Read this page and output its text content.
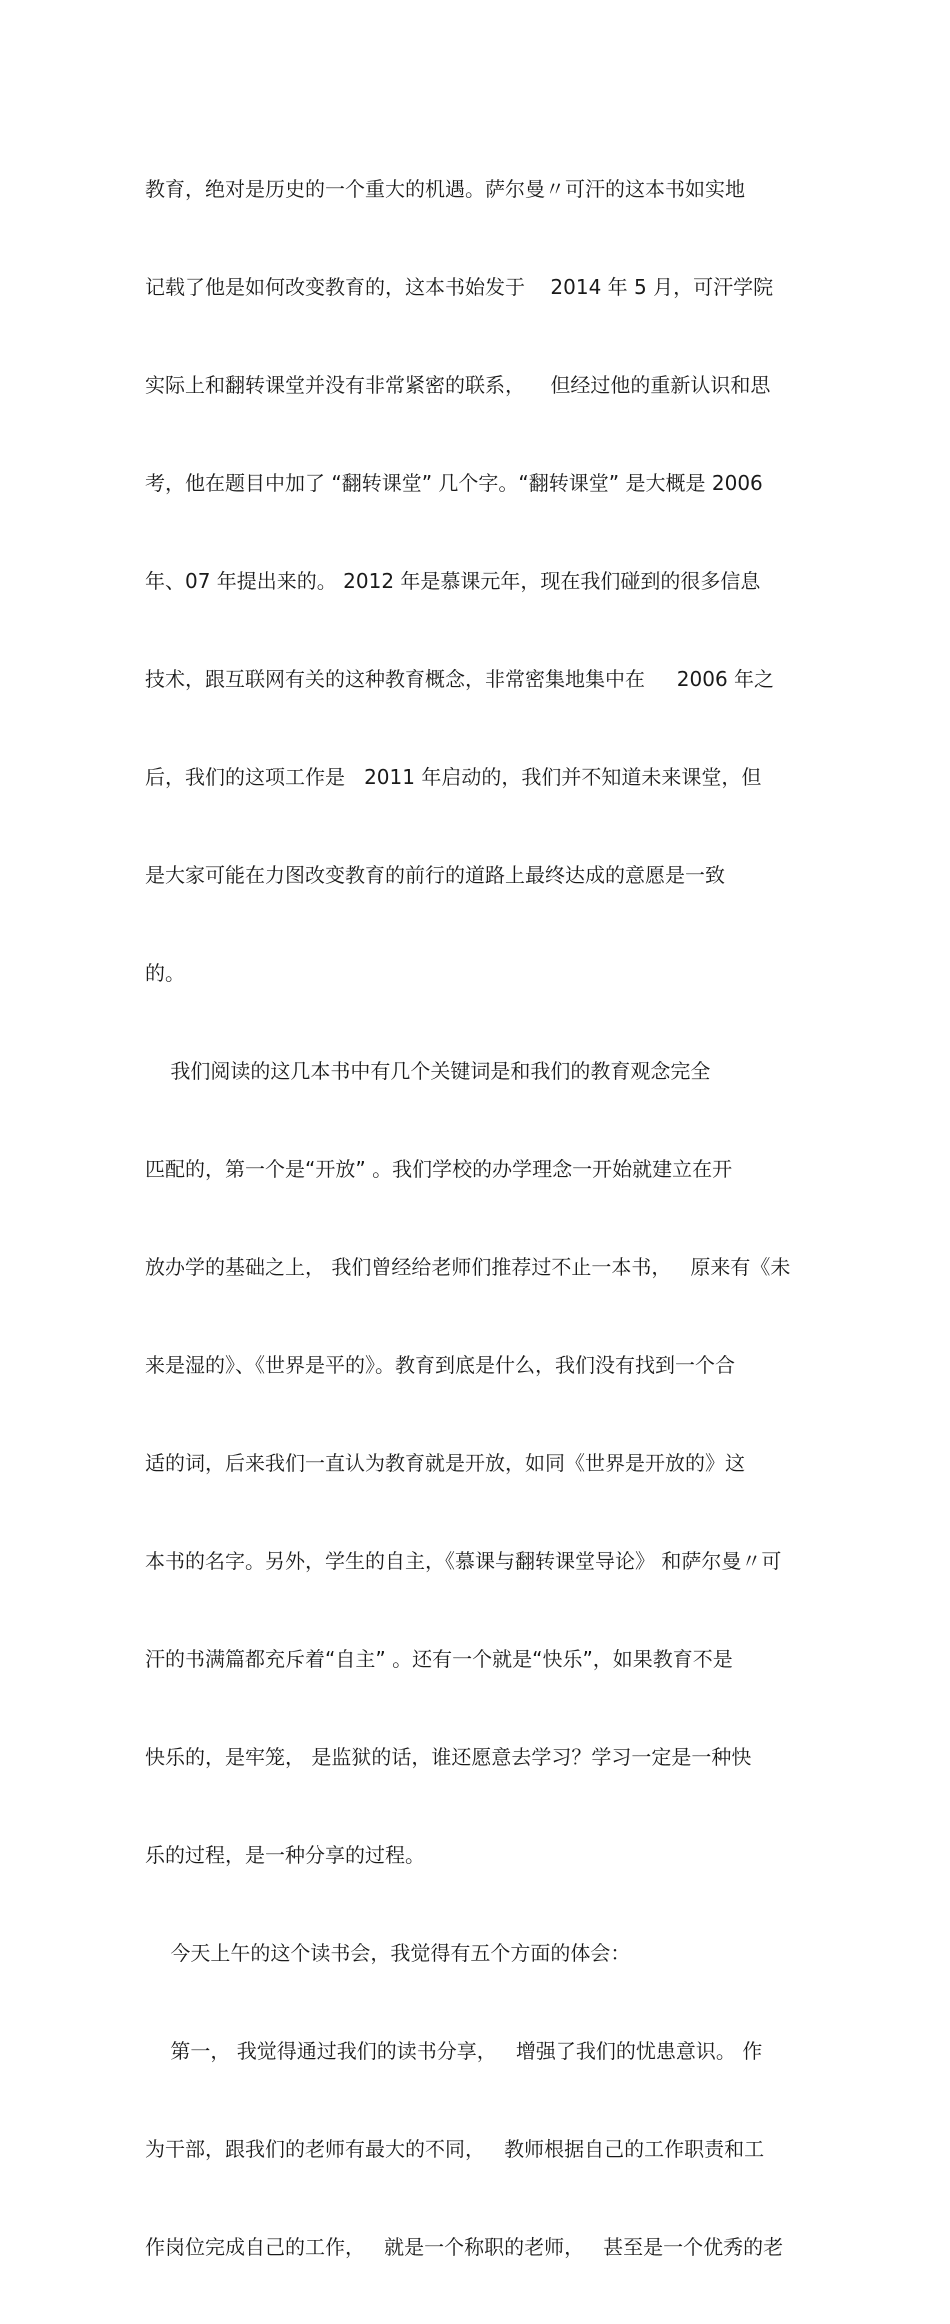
教育，绝对是历史的一个重大的机遇。萨尔曼〃可汗的这本书如实地

记载了他是如何改变教育的，这本书始发于    2014 年 5 月，可汗学院

实际上和翻转课堂并没有非常紧密的联系，    但经过他的重新认识和思

考，他在题目中加了 “翻转课堂” 几个字。“翻转课堂” 是大概是 2006

年、07 年提出来的。 2012 年是慕课元年，现在我们碰到的很多信息

技术，跟互联网有关的这种教育概念，非常密集地集中在     2006 年之

后，我们的这项工作是   2011 年启动的，我们并不知道未来课堂，但

是大家可能在力图改变教育的前行的道路上最终达成的意愿是一致

的。

我们阅读的这几本书中有几个关键词是和我们的教育观念完全

匹配的，第一个是“开放” 。我们学校的办学理念一开始就建立在开

放办学的基础之上， 我们曾经给老师们推荐过不止一本书，   原来有《未

来是湿的》、《世界是平的》。教育到底是什么，我们没有找到一个合

适的词，后来我们一直认为教育就是开放，如同《世界是开放的》这

本书的名字。另外，学生的自主，《慕课与翻转课堂导论》 和萨尔曼〃可

汗的书满篇都充斥着“自主” 。还有一个就是“快乐”，如果教育不是

快乐的，是牢笼， 是监狱的话，谁还愿意去学习？学习一定是一种快

乐的过程，是一种分享的过程。

今天上午的这个读书会，我觉得有五个方面的体会：

第一， 我觉得通过我们的读书分享，   增强了我们的忧患意识。 作

为干部，跟我们的老师有最大的不同，   教师根据自己的工作职责和工

作岗位完成自己的工作，   就是一个称职的老师，   甚至是一个优秀的老
